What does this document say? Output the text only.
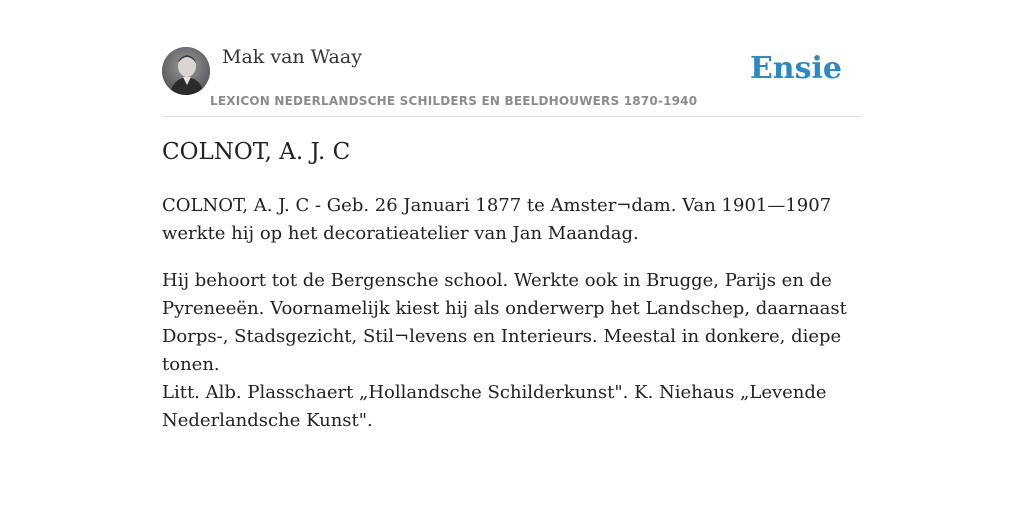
Mak van Waay
LEXICON NEDERLANDSCHE SCHILDERS EN BEELDHOUWERS 1870-1940
Ensie
COLNOT, A. J. C

COLNOT, A. J. C - Geb. 26 Januari 1877 te Amster¬dam. Van 1901—1907 werkte hij op het decoratieatelier van Jan Maandag.

Hij behoort tot de Bergensche school. Werkte ook in Brugge, Parijs en de Pyreneeën. Voornamelijk kiest hij als onderwerp het Landschep, daarnaast Dorps-, Stadsgezicht, Stil¬levens en Interieurs. Meestal in donkere, diepe tonen.

Litt. Alb. Plasschaert „Hollandsche Schilderkunst". K. Niehaus „Levende Nederlandsche Kunst".
